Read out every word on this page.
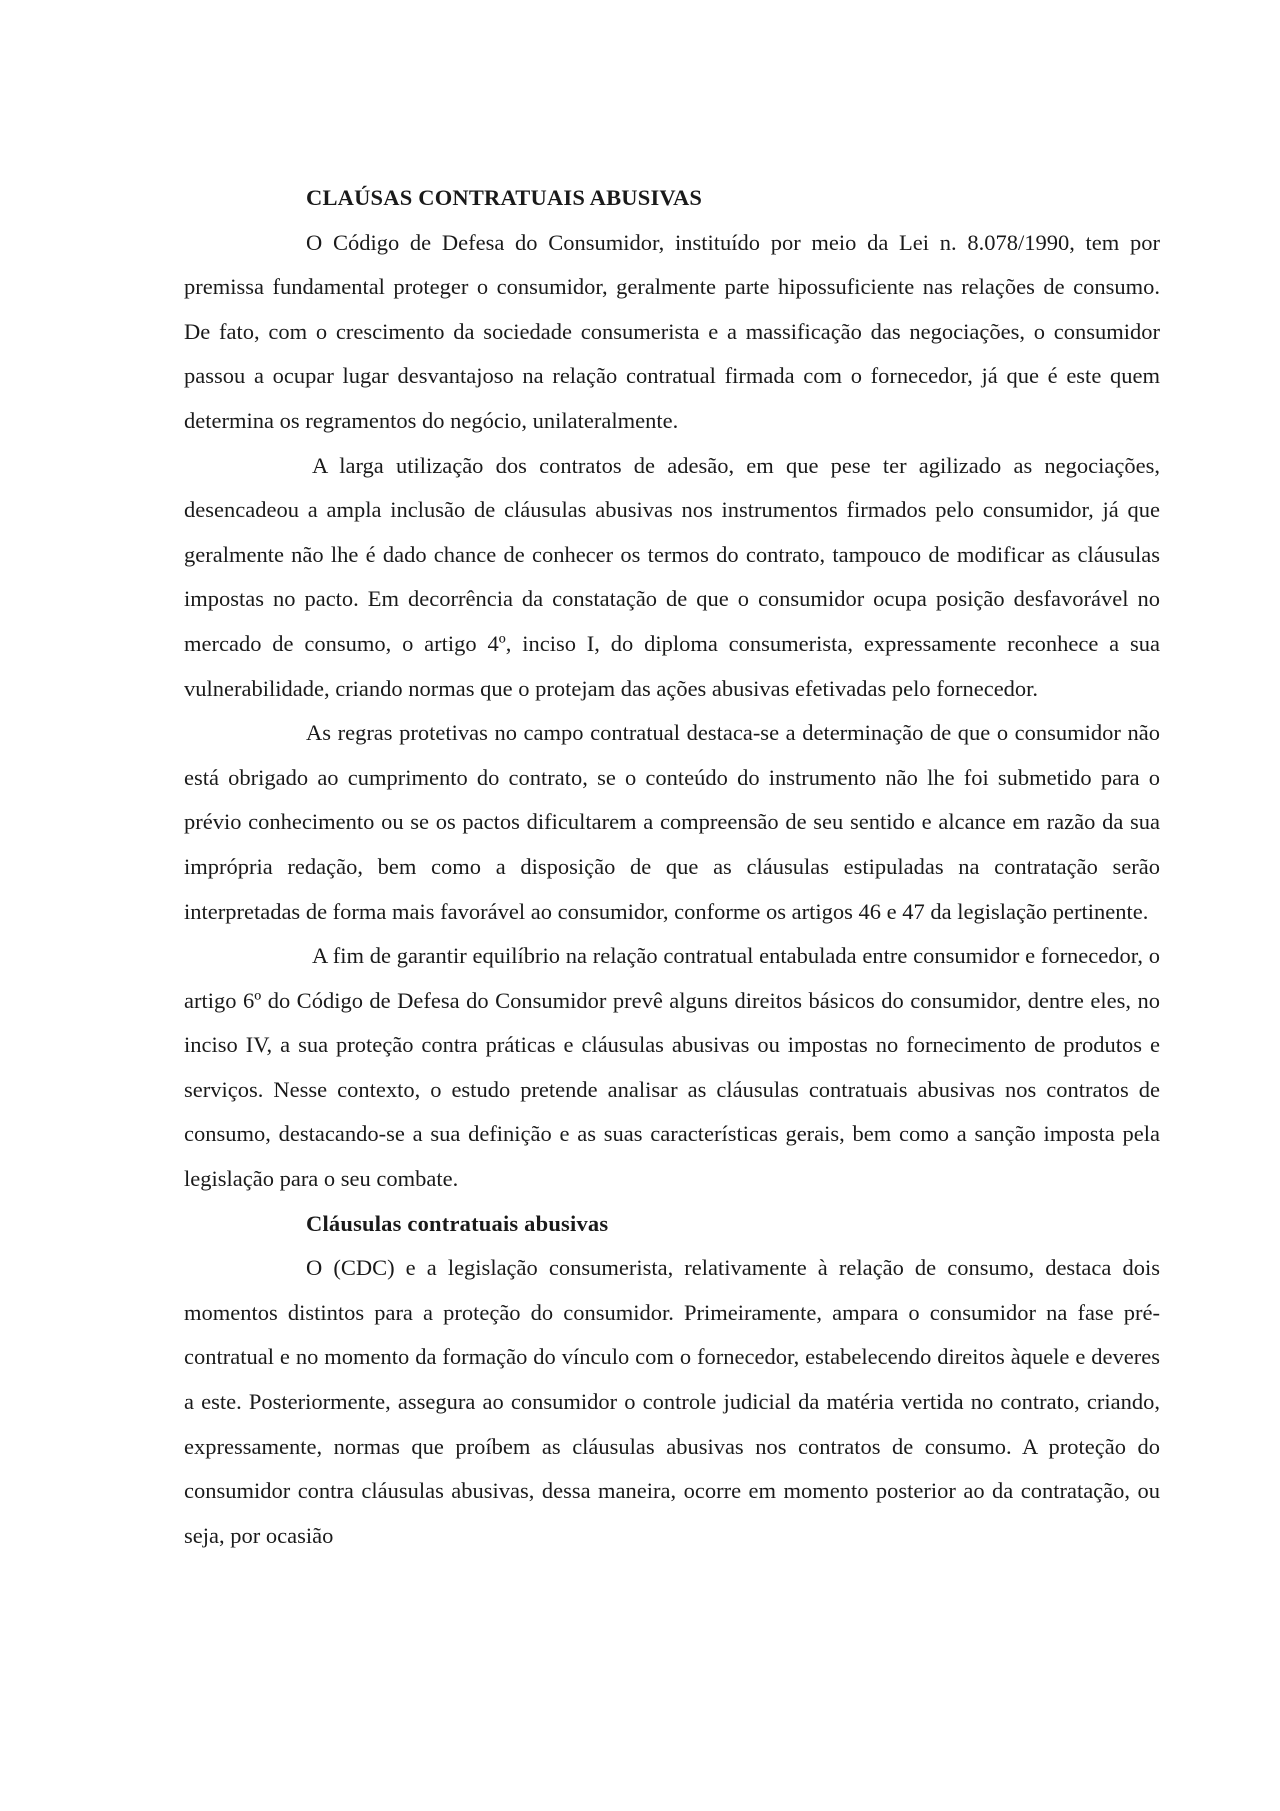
CLAÚSAS CONTRATUAIS ABUSIVAS

O Código de Defesa do Consumidor, instituído por meio da Lei n. 8.078/1990, tem por premissa fundamental proteger o consumidor, geralmente parte hipossuficiente nas relações de consumo. De fato, com o crescimento da sociedade consumerista e a massificação das negociações, o consumidor passou a ocupar lugar desvantajoso na relação contratual firmada com o fornecedor, já que é este quem determina os regramentos do negócio, unilateralmente.

A larga utilização dos contratos de adesão, em que pese ter agilizado as negociações, desencadeou a ampla inclusão de cláusulas abusivas nos instrumentos firmados pelo consumidor, já que geralmente não lhe é dado chance de conhecer os termos do contrato, tampouco de modificar as cláusulas impostas no pacto. Em decorrência da constatação de que o consumidor ocupa posição desfavorável no mercado de consumo, o artigo 4º, inciso I, do diploma consumerista, expressamente reconhece a sua vulnerabilidade, criando normas que o protejam das ações abusivas efetivadas pelo fornecedor.

As regras protetivas no campo contratual destaca-se a determinação de que o consumidor não está obrigado ao cumprimento do contrato, se o conteúdo do instrumento não lhe foi submetido para o prévio conhecimento ou se os pactos dificultarem a compreensão de seu sentido e alcance em razão da sua imprópria redação, bem como a disposição de que as cláusulas estipuladas na contratação serão interpretadas de forma mais favorável ao consumidor, conforme os artigos 46 e 47 da legislação pertinente.

A fim de garantir equilíbrio na relação contratual entabulada entre consumidor e fornecedor, o artigo 6º do Código de Defesa do Consumidor prevê alguns direitos básicos do consumidor, dentre eles, no inciso IV, a sua proteção contra práticas e cláusulas abusivas ou impostas no fornecimento de produtos e serviços. Nesse contexto, o estudo pretende analisar as cláusulas contratuais abusivas nos contratos de consumo, destacando-se a sua definição e as suas características gerais, bem como a sanção imposta pela legislação para o seu combate.

Cláusulas contratuais abusivas

O (CDC) e a legislação consumerista, relativamente à relação de consumo, destaca dois momentos distintos para a proteção do consumidor. Primeiramente, ampara o consumidor na fase pré-contratual e no momento da formação do vínculo com o fornecedor, estabelecendo direitos àquele e deveres a este. Posteriormente, assegura ao consumidor o controle judicial da matéria vertida no contrato, criando, expressamente, normas que proíbem as cláusulas abusivas nos contratos de consumo. A proteção do consumidor contra cláusulas abusivas, dessa maneira, ocorre em momento posterior ao da contratação, ou seja, por ocasião
